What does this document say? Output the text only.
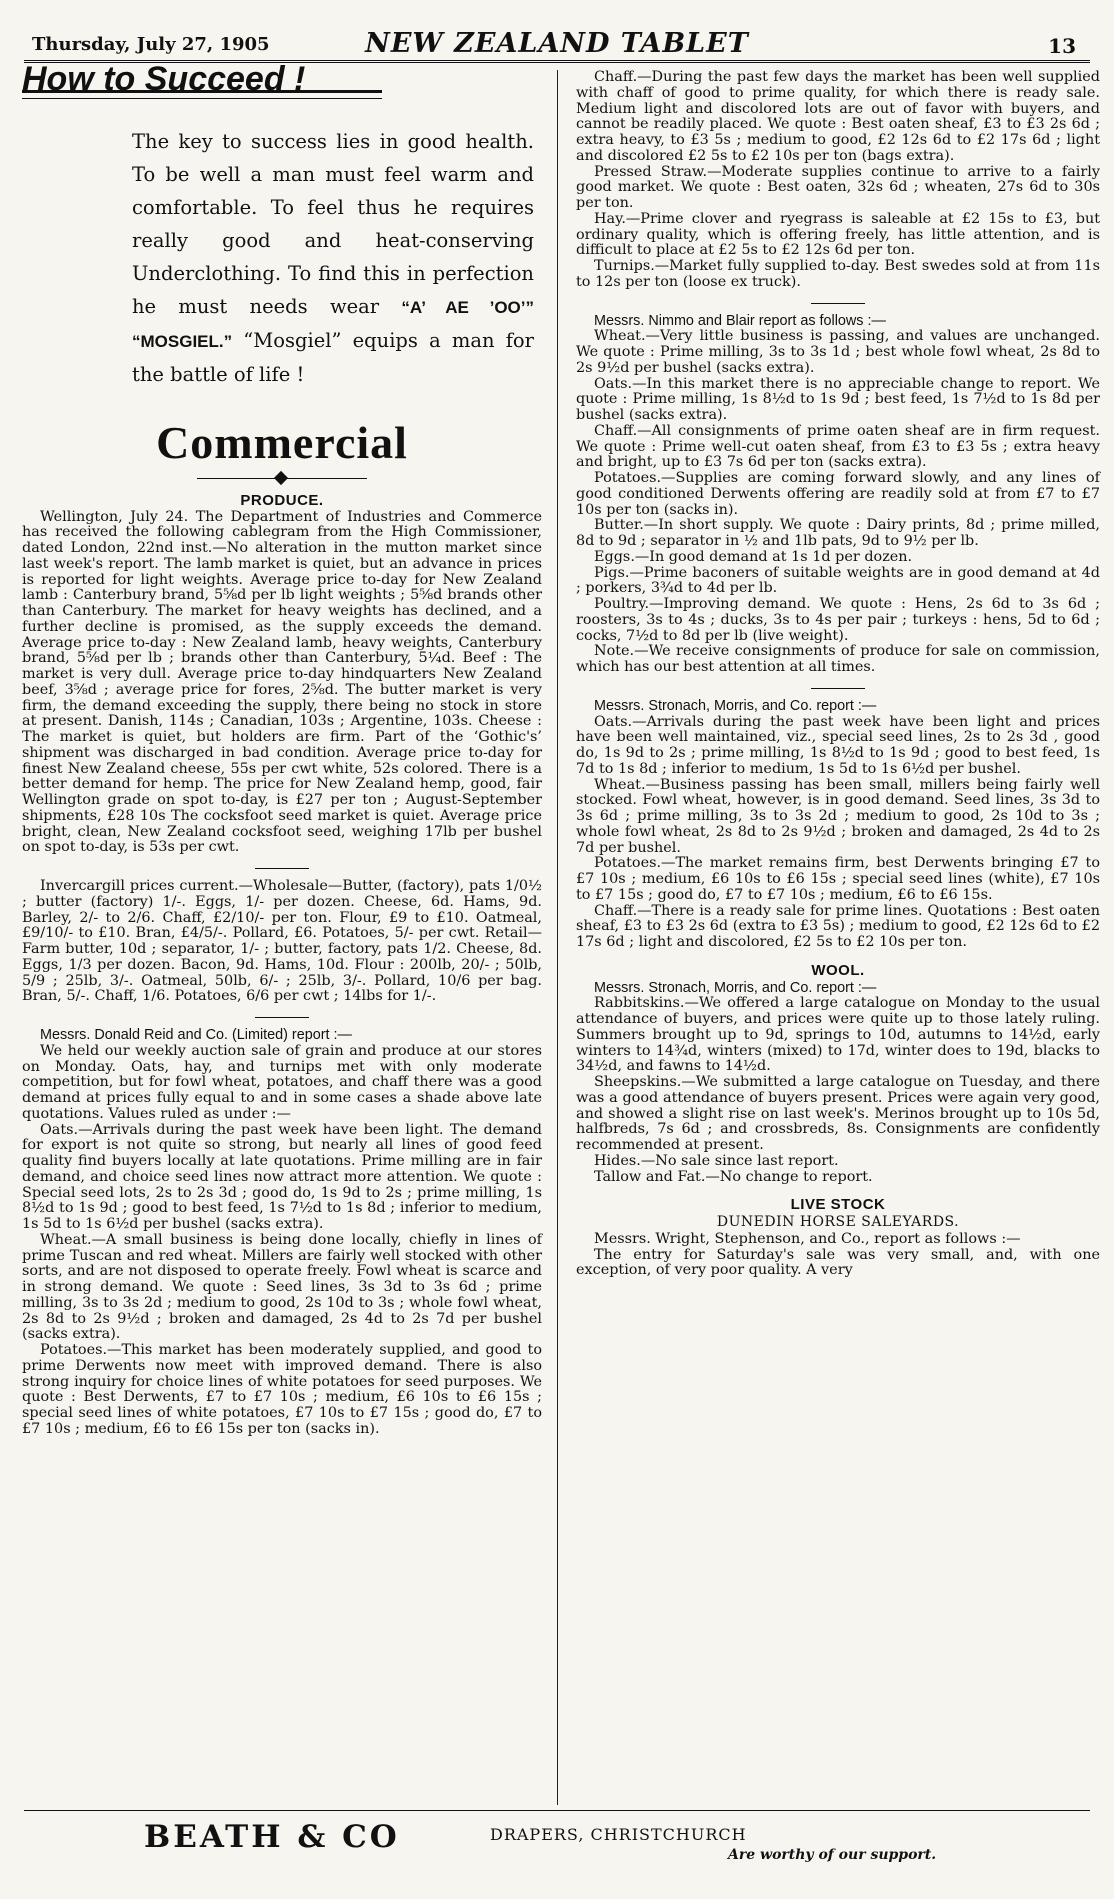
Thursday, July 27, 1905	NEW ZEALAND TABLET	13
How to Succeed !
The key to success lies in good health. To be well a man must feel warm and comfortable. To feel thus he requires really good and heat-conserving Underclothing. To find this in perfection he must needs wear “A’ AE ’OO’” “MOSGIEL.” “Mosgiel” equips a man for the battle of life !
Commercial
PRODUCE.

Wellington, July 24. The Department of Industries and Commerce has received the following cablegram from the High Commissioner, dated London, 22nd inst.—No alteration in the mutton market since last week's report. The lamb market is quiet, but an advance in prices is reported for light weights. Average price to-day for New Zealand lamb : Canterbury brand, 5⅝d per lb light weights ; 5⅝d brands other than Canterbury. The market for heavy weights has declined, and a further decline is promised, as the supply exceeds the demand. Average price to-day : New Zealand lamb, heavy weights, Canterbury brand, 5⅝d per lb ; brands other than Canterbury, 5¼d. Beef : The market is very dull. Average price to-day hindquarters New Zealand beef, 3⅝d ; average price for fores, 2⅝d. The butter market is very firm, the demand exceeding the supply, there being no stock in store at present. Danish, 114s ; Canadian, 103s ; Argentine, 103s. Cheese : The market is quiet, but holders are firm. Part of the ‘Gothic's’ shipment was discharged in bad condition. Average price to-day for finest New Zealand cheese, 55s per cwt white, 52s colored. There is a better demand for hemp. The price for New Zealand hemp, good, fair Wellington grade on spot to-day, is £27 per ton ; August-September shipments, £28 10s The cocksfoot seed market is quiet. Average price bright, clean, New Zealand cocksfoot seed, weighing 17lb per bushel on spot to-day, is 53s per cwt.

Invercargill prices current.—Wholesale—Butter, (factory), pats 1/0½ ; butter (factory) 1/-. Eggs, 1/- per dozen. Cheese, 6d. Hams, 9d. Barley, 2/- to 2/6. Chaff, £2/10/- per ton. Flour, £9 to £10. Oatmeal, £9/10/- to £10. Bran, £4/5/-. Pollard, £6. Potatoes, 5/- per cwt. Retail—Farm butter, 10d ; separator, 1/- ; butter, factory, pats 1/2. Cheese, 8d. Eggs, 1/3 per dozen. Bacon, 9d. Hams, 10d. Flour : 200lb, 20/- ; 50lb, 5/9 ; 25lb, 3/-. Oatmeal, 50lb, 6/- ; 25lb, 3/-. Pollard, 10/6 per bag. Bran, 5/-. Chaff, 1/6. Potatoes, 6/6 per cwt ; 14lbs for 1/-.

Messrs. Donald Reid and Co. (Limited) report :—

We held our weekly auction sale of grain and produce at our stores on Monday. Oats, hay, and turnips met with only moderate competition, but for fowl wheat, potatoes, and chaff there was a good demand at prices fully equal to and in some cases a shade above late quotations. Values ruled as under :—

Oats.—Arrivals during the past week have been light. The demand for export is not quite so strong, but nearly all lines of good feed quality find buyers locally at late quotations. Prime milling are in fair demand, and choice seed lines now attract more attention. We quote : Special seed lots, 2s to 2s 3d ; good do, 1s 9d to 2s ; prime milling, 1s 8½d to 1s 9d ; good to best feed, 1s 7½d to 1s 8d ; inferior to medium, 1s 5d to 1s 6½d per bushel (sacks extra).

Wheat.—A small business is being done locally, chiefly in lines of prime Tuscan and red wheat. Millers are fairly well stocked with other sorts, and are not disposed to operate freely. Fowl wheat is scarce and in strong demand. We quote : Seed lines, 3s 3d to 3s 6d ; prime milling, 3s to 3s 2d ; medium to good, 2s 10d to 3s ; whole fowl wheat, 2s 8d to 2s 9½d ; broken and damaged, 2s 4d to 2s 7d per bushel (sacks extra).

Potatoes.—This market has been moderately supplied, and good to prime Derwents now meet with improved demand. There is also strong inquiry for choice lines of white potatoes for seed purposes. We quote : Best Derwents, £7 to £7 10s ; medium, £6 10s to £6 15s ; special seed lines of white potatoes, £7 10s to £7 15s ; good do, £7 to £7 10s ; medium, £6 to £6 15s per ton (sacks in).

Chaff.—During the past few days the market has been well supplied with chaff of good to prime quality, for which there is ready sale. Medium light and discolored lots are out of favor with buyers, and cannot be readily placed. We quote : Best oaten sheaf, £3 to £3 2s 6d ; extra heavy, to £3 5s ; medium to good, £2 12s 6d to £2 17s 6d ; light and discolored £2 5s to £2 10s per ton (bags extra).

Pressed Straw.—Moderate supplies continue to arrive to a fairly good market. We quote : Best oaten, 32s 6d ; wheaten, 27s 6d to 30s per ton.

Hay.—Prime clover and ryegrass is saleable at £2 15s to £3, but ordinary quality, which is offering freely, has little attention, and is difficult to place at £2 5s to £2 12s 6d per ton.

Turnips.—Market fully supplied to-day. Best swedes sold at from 11s to 12s per ton (loose ex truck).

Messrs. Nimmo and Blair report as follows :—

Wheat.—Very little business is passing, and values are unchanged. We quote : Prime milling, 3s to 3s 1d ; best whole fowl wheat, 2s 8d to 2s 9½d per bushel (sacks extra).

Oats.—In this market there is no appreciable change to report. We quote : Prime milling, 1s 8½d to 1s 9d ; best feed, 1s 7½d to 1s 8d per bushel (sacks extra).

Chaff.—All consignments of prime oaten sheaf are in firm request. We quote : Prime well-cut oaten sheaf, from £3 to £3 5s ; extra heavy and bright, up to £3 7s 6d per ton (sacks extra).

Potatoes.—Supplies are coming forward slowly, and any lines of good conditioned Derwents offering are readily sold at from £7 to £7 10s per ton (sacks in).

Butter.—In short supply. We quote : Dairy prints, 8d ; prime milled, 8d to 9d ; separator in ½ and 1lb pats, 9d to 9½ per lb.

Eggs.—In good demand at 1s 1d per dozen.

Pigs.—Prime baconers of suitable weights are in good demand at 4d ; porkers, 3¾d to 4d per lb.

Poultry.—Improving demand. We quote : Hens, 2s 6d to 3s 6d ; roosters, 3s to 4s ; ducks, 3s to 4s per pair ; turkeys : hens, 5d to 6d ; cocks, 7½d to 8d per lb (live weight).

Note.—We receive consignments of produce for sale on commission, which has our best attention at all times.

Messrs. Stronach, Morris, and Co. report :—

Oats.—Arrivals during the past week have been light and prices have been well maintained, viz., special seed lines, 2s to 2s 3d , good do, 1s 9d to 2s ; prime milling, 1s 8½d to 1s 9d ; good to best feed, 1s 7d to 1s 8d ; inferior to medium, 1s 5d to 1s 6½d per bushel.

Wheat.—Business passing has been small, millers being fairly well stocked. Fowl wheat, however, is in good demand. Seed lines, 3s 3d to 3s 6d ; prime milling, 3s to 3s 2d ; medium to good, 2s 10d to 3s ; whole fowl wheat, 2s 8d to 2s 9½d ; broken and damaged, 2s 4d to 2s 7d per bushel.

Potatoes.—The market remains firm, best Derwents bringing £7 to £7 10s ; medium, £6 10s to £6 15s ; special seed lines (white), £7 10s to £7 15s ; good do, £7 to £7 10s ; medium, £6 to £6 15s.

Chaff.—There is a ready sale for prime lines. Quotations : Best oaten sheaf, £3 to £3 2s 6d (extra to £3 5s) ; medium to good, £2 12s 6d to £2 17s 6d ; light and discolored, £2 5s to £2 10s per ton.

WOOL.

Messrs. Stronach, Morris, and Co. report :—

Rabbitskins.—We offered a large catalogue on Monday to the usual attendance of buyers, and prices were quite up to those lately ruling. Summers brought up to 9d, springs to 10d, autumns to 14½d, early winters to 14¾d, winters (mixed) to 17d, winter does to 19d, blacks to 34½d, and fawns to 14½d.

Sheepskins.—We submitted a large catalogue on Tuesday, and there was a good attendance of buyers present. Prices were again very good, and showed a slight rise on last week's. Merinos brought up to 10s 5d, halfbreds, 7s 6d ; and crossbreds, 8s. Consignments are confidently recommended at present.

Hides.—No sale since last report.

Tallow and Fat.—No change to report.

LIVE STOCK
DUNEDIN HORSE SALEYARDS.

Messrs. Wright, Stephenson, and Co., report as follows :—

The entry for Saturday's sale was very small, and, with one exception, of very poor quality. A very

BEATH & CO	DRAPERS, CHRISTCHURCH
Are worthy of our support.
